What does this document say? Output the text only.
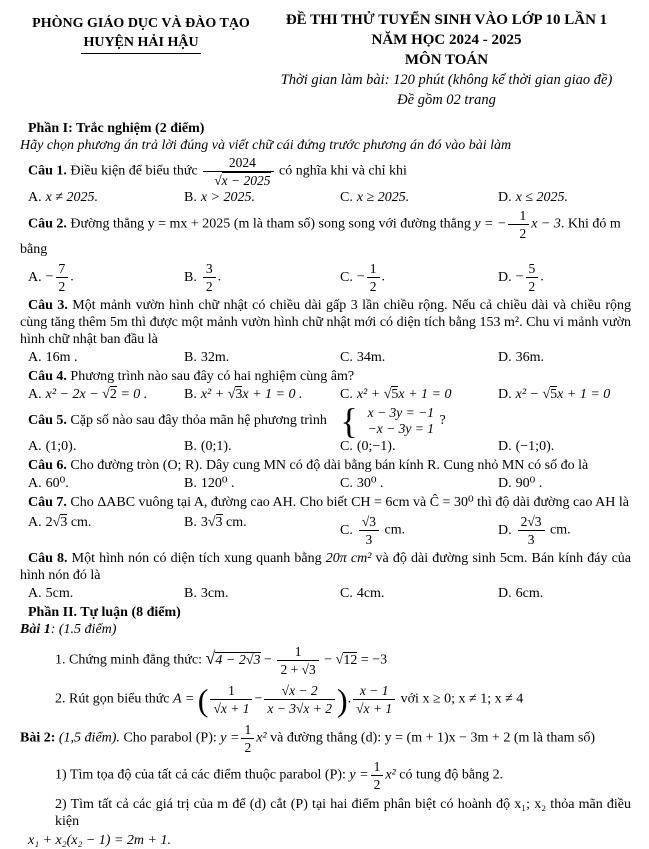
PHÒNG GIÁO DỤC VÀ ĐÀO TẠO
HUYỆN HẢI HẬU
ĐỀ THI THỬ TUYỂN SINH VÀO LỚP 10 LẦN 1
NĂM HỌC 2024 - 2025
MÔN TOÁN
Thời gian làm bài: 120 phút (không kể thời gian giao đề)
Đề gồm 02 trang

Phần I: Trắc nghiệm (2 điểm)

Hãy chọn phương án trả lời đúng và viết chữ cái đứng trước phương án đó vào bài làm

Câu 1. Điều kiện để biểu thức $\frac{2024}{√x - 2025}$ có nghĩa khi và chỉ khi

A. x ≠ 2025.	B. x > 2025.	C. x ≥ 2025.	D. x ≤ 2025.

Câu 2. Đường thẳng y = mx + 2025 (m là tham số) song song với đường thẳng y = − $\frac{1}{2}$ x − 3. Khi đó m bằng

A. − $\frac{7}{2}$ .	B. $\frac{3}{2}$ .	C. − $\frac{1}{2}$ .	D. − $\frac{5}{2}$ .

Câu 3. Một mảnh vườn hình chữ nhật có chiều dài gấp 3 lần chiều rộng. Nếu cả chiều dài và chiều rộng cùng tăng thêm 5m thì được một mảnh vườn hình chữ nhật mới có diện tích bằng 153 m². Chu vi mảnh vườn hình chữ nhật ban đầu là

A. 16m .	B. 32m.	C. 34m.	D. 36m.

Câu 4. Phương trình nào sau đây có hai nghiệm cùng âm?

A. x² − 2x − √2 = 0 .	B. x² + √3x + 1 = 0 .	C. x² + √5x + 1 = 0	D. x² − √5x + 1 = 0

Câu 5. Cặp số nào sau đây thỏa mãn hệ phương trình { x − 3y = −1
−x − 3y = 1
?

A. (1;0).	B. (0;1).	C. (0;−1).	D. (−1;0).

Câu 6. Cho đường tròn (O; R). Dây cung MN có độ dài bằng bán kính R. Cung nhỏ MN có số đo là

A. 60⁰.	B. 120⁰ .	C. 30⁰ .	D. 90⁰ .

Câu 7. Cho ΔABC vuông tại A, đường cao AH. Cho biết CH = 6cm và Ĉ = 30⁰ thì độ dài đường cao AH là

A. 2√3 cm.	B. 3√3 cm.
C. $\frac{√3}{3}$ cm.	D. $\frac{2√3}{3}$ cm.

Câu 8. Một hình nón có diện tích xung quanh bằng 20π cm² và độ dài đường sinh 5cm. Bán kính đáy của hình nón đó là

A. 5cm.	B. 3cm.	C. 4cm.	D. 6cm.

Phần II. Tự luận (8 điểm)

Bài 1: (1.5 điểm)

1. Chứng minh đẳng thức: $√4 - 2√3 - \frac{1}{2 + √3} - √12 = -3$

2. Rút gọn biểu thức A = ( $\frac{1}{√x + 1} - \frac{√x - 2}{x - 3√x + 2}$ ). $\frac{x - 1}{√x + 1}$ với x ≥ 0; x ≠ 1; x ≠ 4

Bài 2: (1,5 điểm). Cho parabol (P): $y = \frac{1}{2} x^2$ và đường thẳng (d): y = (m + 1)x − 3m + 2 (m là tham số)

1) Tìm tọa độ của tất cả các điểm thuộc parabol (P): $y = \frac{1}{2} x^2$ có tung độ bằng 2.

2) Tìm tất cả các giá trị của m để (d) cắt (P) tại hai điểm phân biệt có hoành độ x₁; x₂ thỏa mãn điều kiện

x₁ + x₂(x₂ − 1) = 2m + 1.
